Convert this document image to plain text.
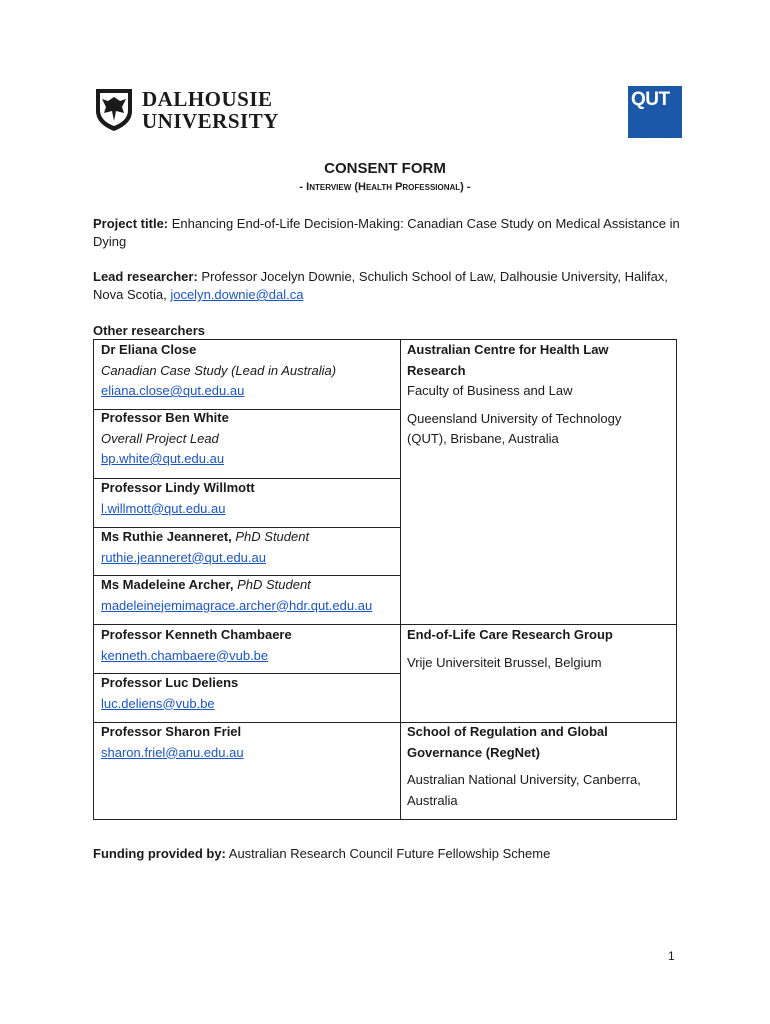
DALHOUSIE
UNIVERSITY
QUT
CONSENT FORM
- Interview (Health Professional) -
Project title: Enhancing End-of-Life Decision-Making: Canadian Case Study on Medical Assistance in Dying
Lead researcher: Professor Jocelyn Downie, Schulich School of Law, Dalhousie University, Halifax, Nova Scotia, jocelyn.downie@dal.ca
Other researchers
Dr Eliana Close
Canadian Case Study (Lead in Australia)
eliana.close@qut.edu.au
Professor Ben White
Overall Project Lead
bp.white@qut.edu.au
Professor Lindy Willmott
l.willmott@qut.edu.au
Ms Ruthie Jeanneret, PhD Student
ruthie.jeanneret@qut.edu.au
Ms Madeleine Archer, PhD Student
madeleinejemimagrace.archer@hdr.qut.edu.au
Professor Kenneth Chambaere
kenneth.chambaere@vub.be
Professor Luc Deliens
luc.deliens@vub.be
Professor Sharon Friel
sharon.friel@anu.edu.au
Australian Centre for Health Law
Research
Faculty of Business and Law
Queensland University of Technology
(QUT), Brisbane, Australia
End-of-Life Care Research Group
Vrije Universiteit Brussel, Belgium
School of Regulation and Global
Governance (RegNet)
Australian National University, Canberra,
Australia
Funding provided by: Australian Research Council Future Fellowship Scheme
1
